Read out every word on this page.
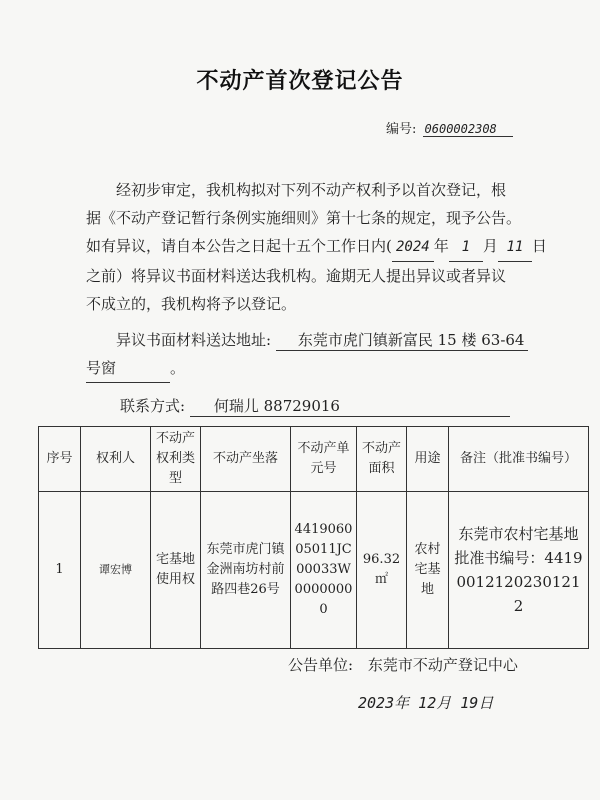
不动产首次登记公告
编号: 0600002308

经初步审定，我机构拟对下列不动产权利予以首次登记，根

据《不动产登记暂行条例实施细则》第十七条的规定，现予公告。

如有异议，请自本公告之日起十五个工作日内( 2024 年 1 月 11 日

之前）将异议书面材料送达我机构。逾期无人提出异议或者异议

不成立的，我机构将予以登记。

异议书面材料送达地址: 东莞市虎门镇新富民 15 楼 63-64
号窗	。
联系方式: 何瑞儿 88729016
序号	权利人	不动产权利类型	不动产坐落	不动产单元号	不动产面积	用途	备注（批准书编号）
1	谭宏博	宅基地使用权	东莞市虎门镇金洲南坊村前路四巷26号	441906005011JC00033W00000000	96.32㎡	农村宅基地	东莞市农村宅基地批准书编号：441900121202301212
公告单位: 东莞市不动产登记中心
2023年 12月 19日
